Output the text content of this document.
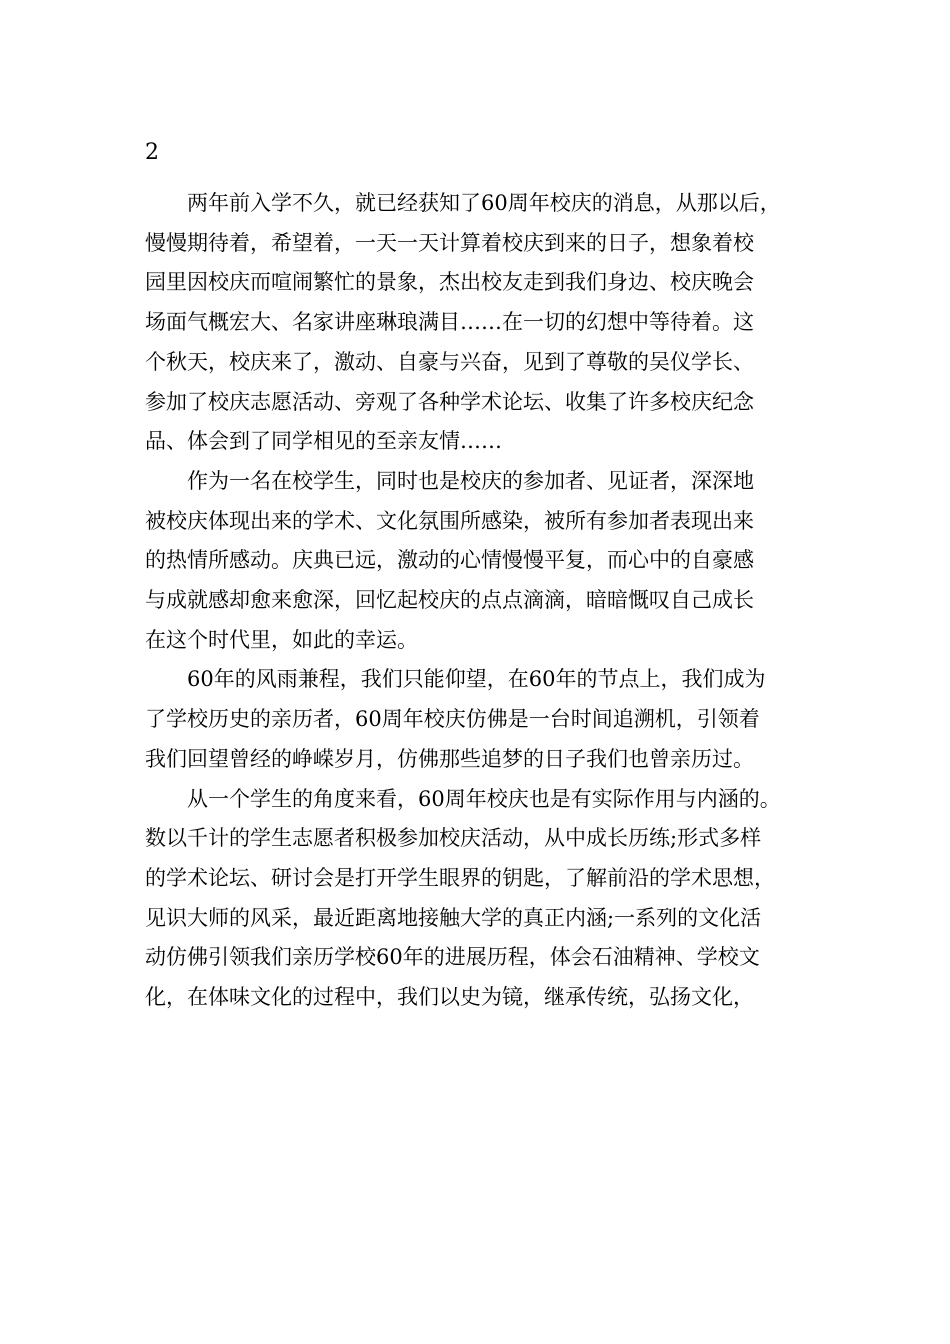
2

两年前入学不久，就已经获知了60周年校庆的消息，从那以后，
慢慢期待着，希望着，一天一天计算着校庆到来的日子，想象着校
园里因校庆而喧闹繁忙的景象，杰出校友走到我们身边、校庆晚会
场面气概宏大、名家讲座琳琅满目……在一切的幻想中等待着。这
个秋天，校庆来了，激动、自豪与兴奋，见到了尊敬的吴仪学长、
参加了校庆志愿活动、旁观了各种学术论坛、收集了许多校庆纪念
品、体会到了同学相见的至亲友情……

作为一名在校学生，同时也是校庆的参加者、见证者，深深地
被校庆体现出来的学术、文化氛围所感染，被所有参加者表现出来
的热情所感动。庆典已远，激动的心情慢慢平复，而心中的自豪感
与成就感却愈来愈深，回忆起校庆的点点滴滴，暗暗慨叹自己成长
在这个时代里，如此的幸运。

60年的风雨兼程，我们只能仰望，在60年的节点上，我们成为
了学校历史的亲历者，60周年校庆仿佛是一台时间追溯机，引领着
我们回望曾经的峥嵘岁月，仿佛那些追梦的日子我们也曾亲历过。

从一个学生的角度来看，60周年校庆也是有实际作用与内涵的。
数以千计的学生志愿者积极参加校庆活动，从中成长历练;形式多样
的学术论坛、研讨会是打开学生眼界的钥匙，了解前沿的学术思想，
见识大师的风采，最近距离地接触大学的真正内涵;一系列的文化活
动仿佛引领我们亲历学校60年的进展历程，体会石油精神、学校文
化，在体味文化的过程中，我们以史为镜，继承传统，弘扬文化，
